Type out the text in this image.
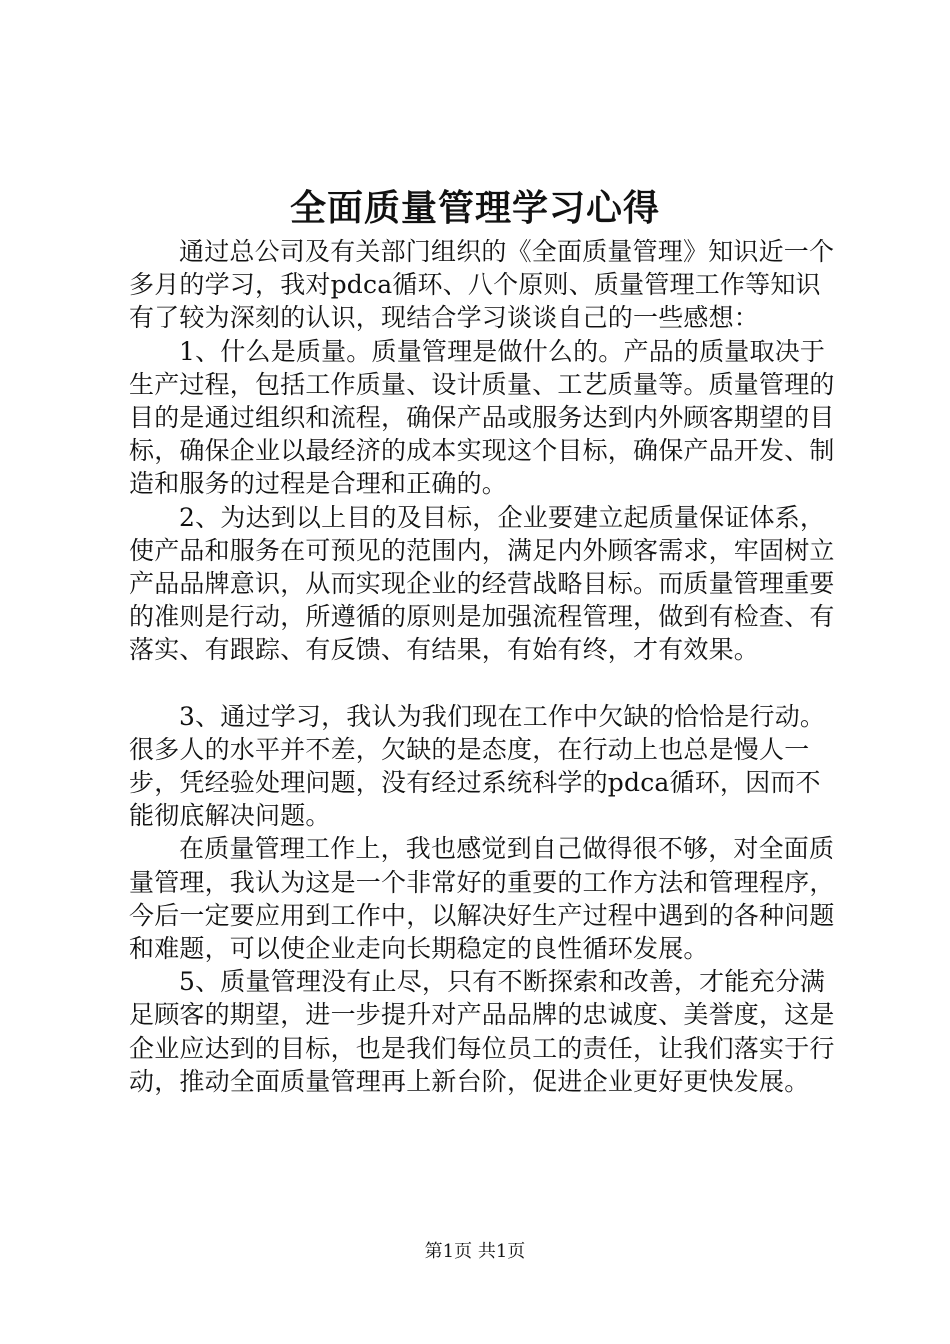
全面质量管理学习心得

通过总公司及有关部门组织的《全面质量管理》知识近一个多月的学习，我对pdca循环、八个原则、质量管理工作等知识有了较为深刻的认识，现结合学习谈谈自己的一些感想：

1、什么是质量。质量管理是做什么的。产品的质量取决于生产过程，包括工作质量、设计质量、工艺质量等。质量管理的目的是通过组织和流程，确保产品或服务达到内外顾客期望的目标，确保企业以最经济的成本实现这个目标，确保产品开发、制造和服务的过程是合理和正确的。

2、为达到以上目的及目标，企业要建立起质量保证体系，使产品和服务在可预见的范围内，满足内外顾客需求，牢固树立产品品牌意识，从而实现企业的经营战略目标。而质量管理重要的准则是行动，所遵循的原则是加强流程管理，做到有检查、有落实、有跟踪、有反馈、有结果，有始有终，才有效果。

3、通过学习，我认为我们现在工作中欠缺的恰恰是行动。很多人的水平并不差，欠缺的是态度，在行动上也总是慢人一步，凭经验处理问题，没有经过系统科学的pdca循环，因而不能彻底解决问题。

在质量管理工作上，我也感觉到自己做得很不够，对全面质量管理，我认为这是一个非常好的重要的工作方法和管理程序，今后一定要应用到工作中，以解决好生产过程中遇到的各种问题和难题，可以使企业走向长期稳定的良性循环发展。

5、质量管理没有止尽，只有不断探索和改善，才能充分满足顾客的期望，进一步提升对产品品牌的忠诚度、美誉度，这是企业应达到的目标，也是我们每位员工的责任，让我们落实于行动，推动全面质量管理再上新台阶，促进企业更好更快发展。

第1页 共1页
